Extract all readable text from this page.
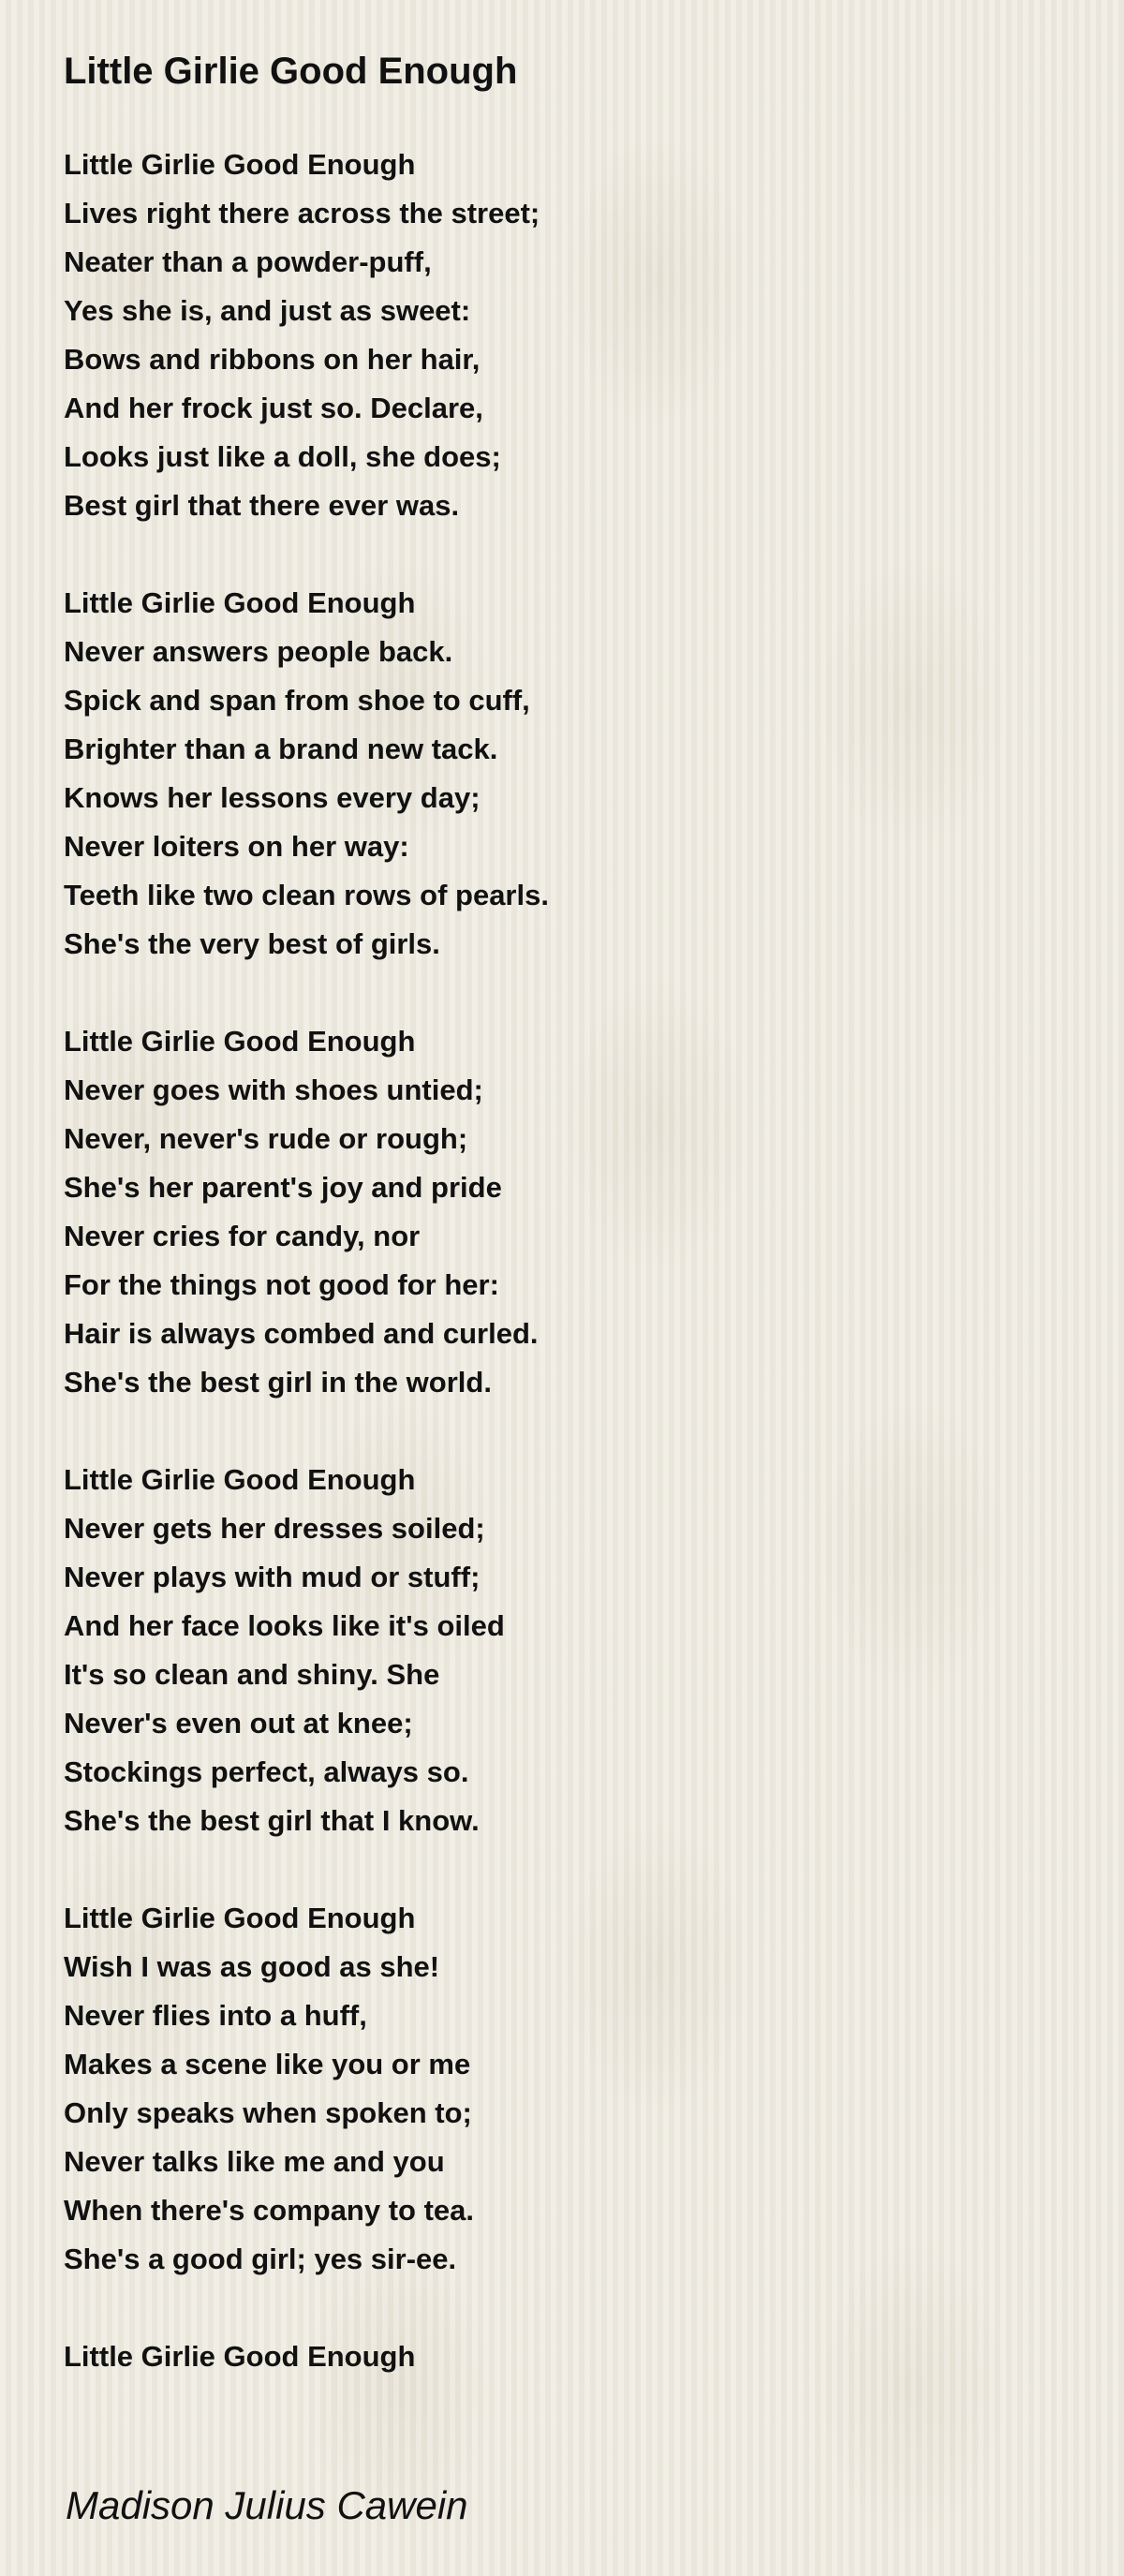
Little Girlie Good Enough
Little Girlie Good Enough
Lives right there across the street;
Neater than a powder-puff,
Yes she is, and just as sweet:
Bows and ribbons on her hair,
And her frock just so. Declare,
Looks just like a doll, she does;
Best girl that there ever was.
Little Girlie Good Enough
Never answers people back.
Spick and span from shoe to cuff,
Brighter than a brand new tack.
Knows her lessons every day;
Never loiters on her way:
Teeth like two clean rows of pearls.
She's the very best of girls.
Little Girlie Good Enough
Never goes with shoes untied;
Never, never's rude or rough;
She's her parent's joy and pride
Never cries for candy, nor
For the things not good for her:
Hair is always combed and curled.
She's the best girl in the world.
Little Girlie Good Enough
Never gets her dresses soiled;
Never plays with mud or stuff;
And her face looks like it's oiled
It's so clean and shiny. She
Never's even out at knee;
Stockings perfect, always so.
She's the best girl that I know.
Little Girlie Good Enough
Wish I was as good as she!
Never flies into a huff,
Makes a scene like you or me
Only speaks when spoken to;
Never talks like me and you
When there's company to tea.
She's a good girl; yes sir-ee.
Little Girlie Good Enough
Madison Julius Cawein
